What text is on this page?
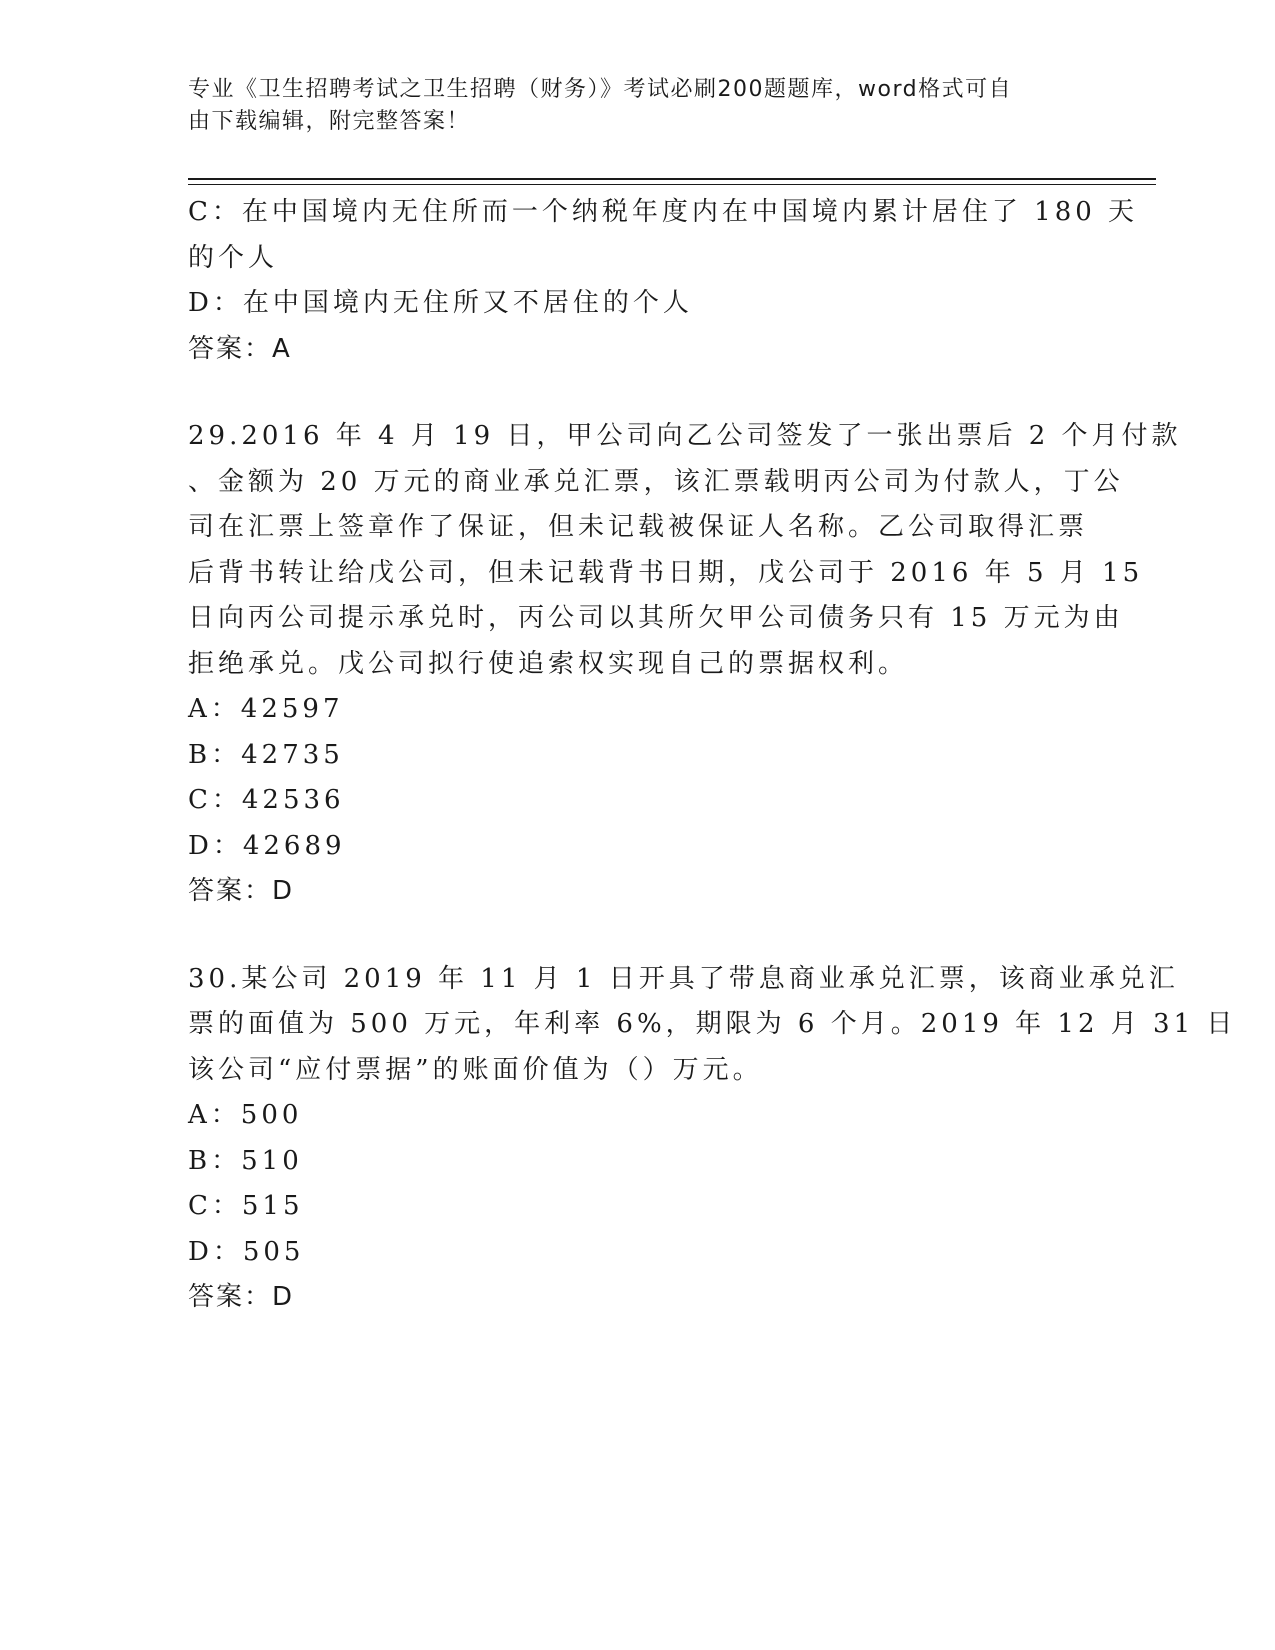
专业《卫生招聘考试之卫生招聘（财务）》考试必刷200题题库，word格式可自
由下载编辑，附完整答案！
C：在中国境内无住所而一个纳税年度内在中国境内累计居住了 180 天
的个人
D：在中国境内无住所又不居住的个人
答案：A
29.2016 年 4 月 19 日，甲公司向乙公司签发了一张出票后 2 个月付款
、金额为 20 万元的商业承兑汇票，该汇票载明丙公司为付款人，丁公
司在汇票上签章作了保证，但未记载被保证人名称。乙公司取得汇票
后背书转让给戊公司，但未记载背书日期，戊公司于 2016 年 5 月 15
日向丙公司提示承兑时，丙公司以其所欠甲公司债务只有 15 万元为由
拒绝承兑。戊公司拟行使追索权实现自己的票据权利。
A：42597
B：42735
C：42536
D：42689
答案：D
30.某公司 2019 年 11 月 1 日开具了带息商业承兑汇票，该商业承兑汇
票的面值为 500 万元，年利率 6%，期限为 6 个月。2019 年 12 月 31 日
该公司“应付票据”的账面价值为（）万元。
A：500
B：510
C：515
D：505
答案：D
